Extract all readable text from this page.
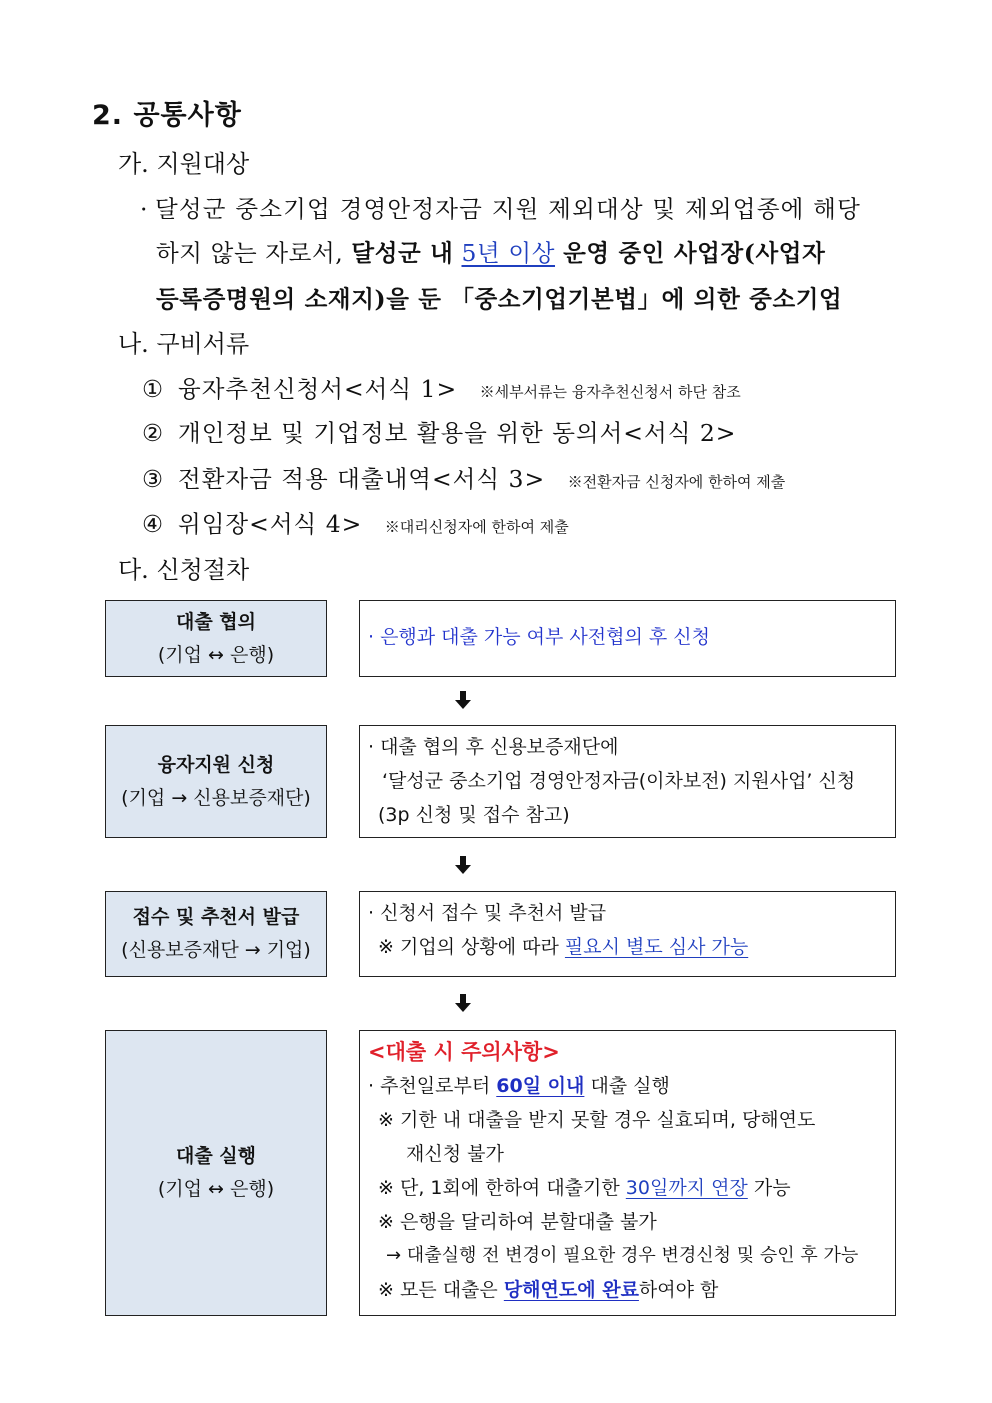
2. 공통사항
가. 지원대상
· 달성군 중소기업 경영안정자금 지원 제외대상 및 제외업종에 해당
하지 않는 자로서, 달성군 내 5년 이상 운영 중인 사업장(사업자
등록증명원의 소재지)을 둔 「중소기업기본법」에 의한 중소기업
나. 구비서류
① 융자추천신청서<서식 1> ※세부서류는 융자추천신청서 하단 참조
② 개인정보 및 기업정보 활용을 위한 동의서<서식 2>
③ 전환자금 적용 대출내역<서식 3> ※전환자금 신청자에 한하여 제출
④ 위임장<서식 4> ※대리신청자에 한하여 제출
다. 신청절차
대출 협의
(기업 ↔ 은행)
· 은행과 대출 가능 여부 사전협의 후 신청
융자지원 신청
(기업 → 신용보증재단)
· 대출 협의 후 신용보증재단에
‘달성군 중소기업 경영안정자금(이차보전) 지원사업’ 신청
(3p 신청 및 접수 참고)
접수 및 추천서 발급
(신용보증재단 → 기업)
· 신청서 접수 및 추천서 발급
※ 기업의 상황에 따라 필요시 별도 심사 가능
대출 실행
(기업 ↔ 은행)
<대출 시 주의사항>
· 추천일로부터 60일 이내 대출 실행
※ 기한 내 대출을 받지 못할 경우 실효되며, 당해연도
재신청 불가
※ 단, 1회에 한하여 대출기한 30일까지 연장 가능
※ 은행을 달리하여 분할대출 불가
→ 대출실행 전 변경이 필요한 경우 변경신청 및 승인 후 가능
※ 모든 대출은 당해연도에 완료하여야 함
